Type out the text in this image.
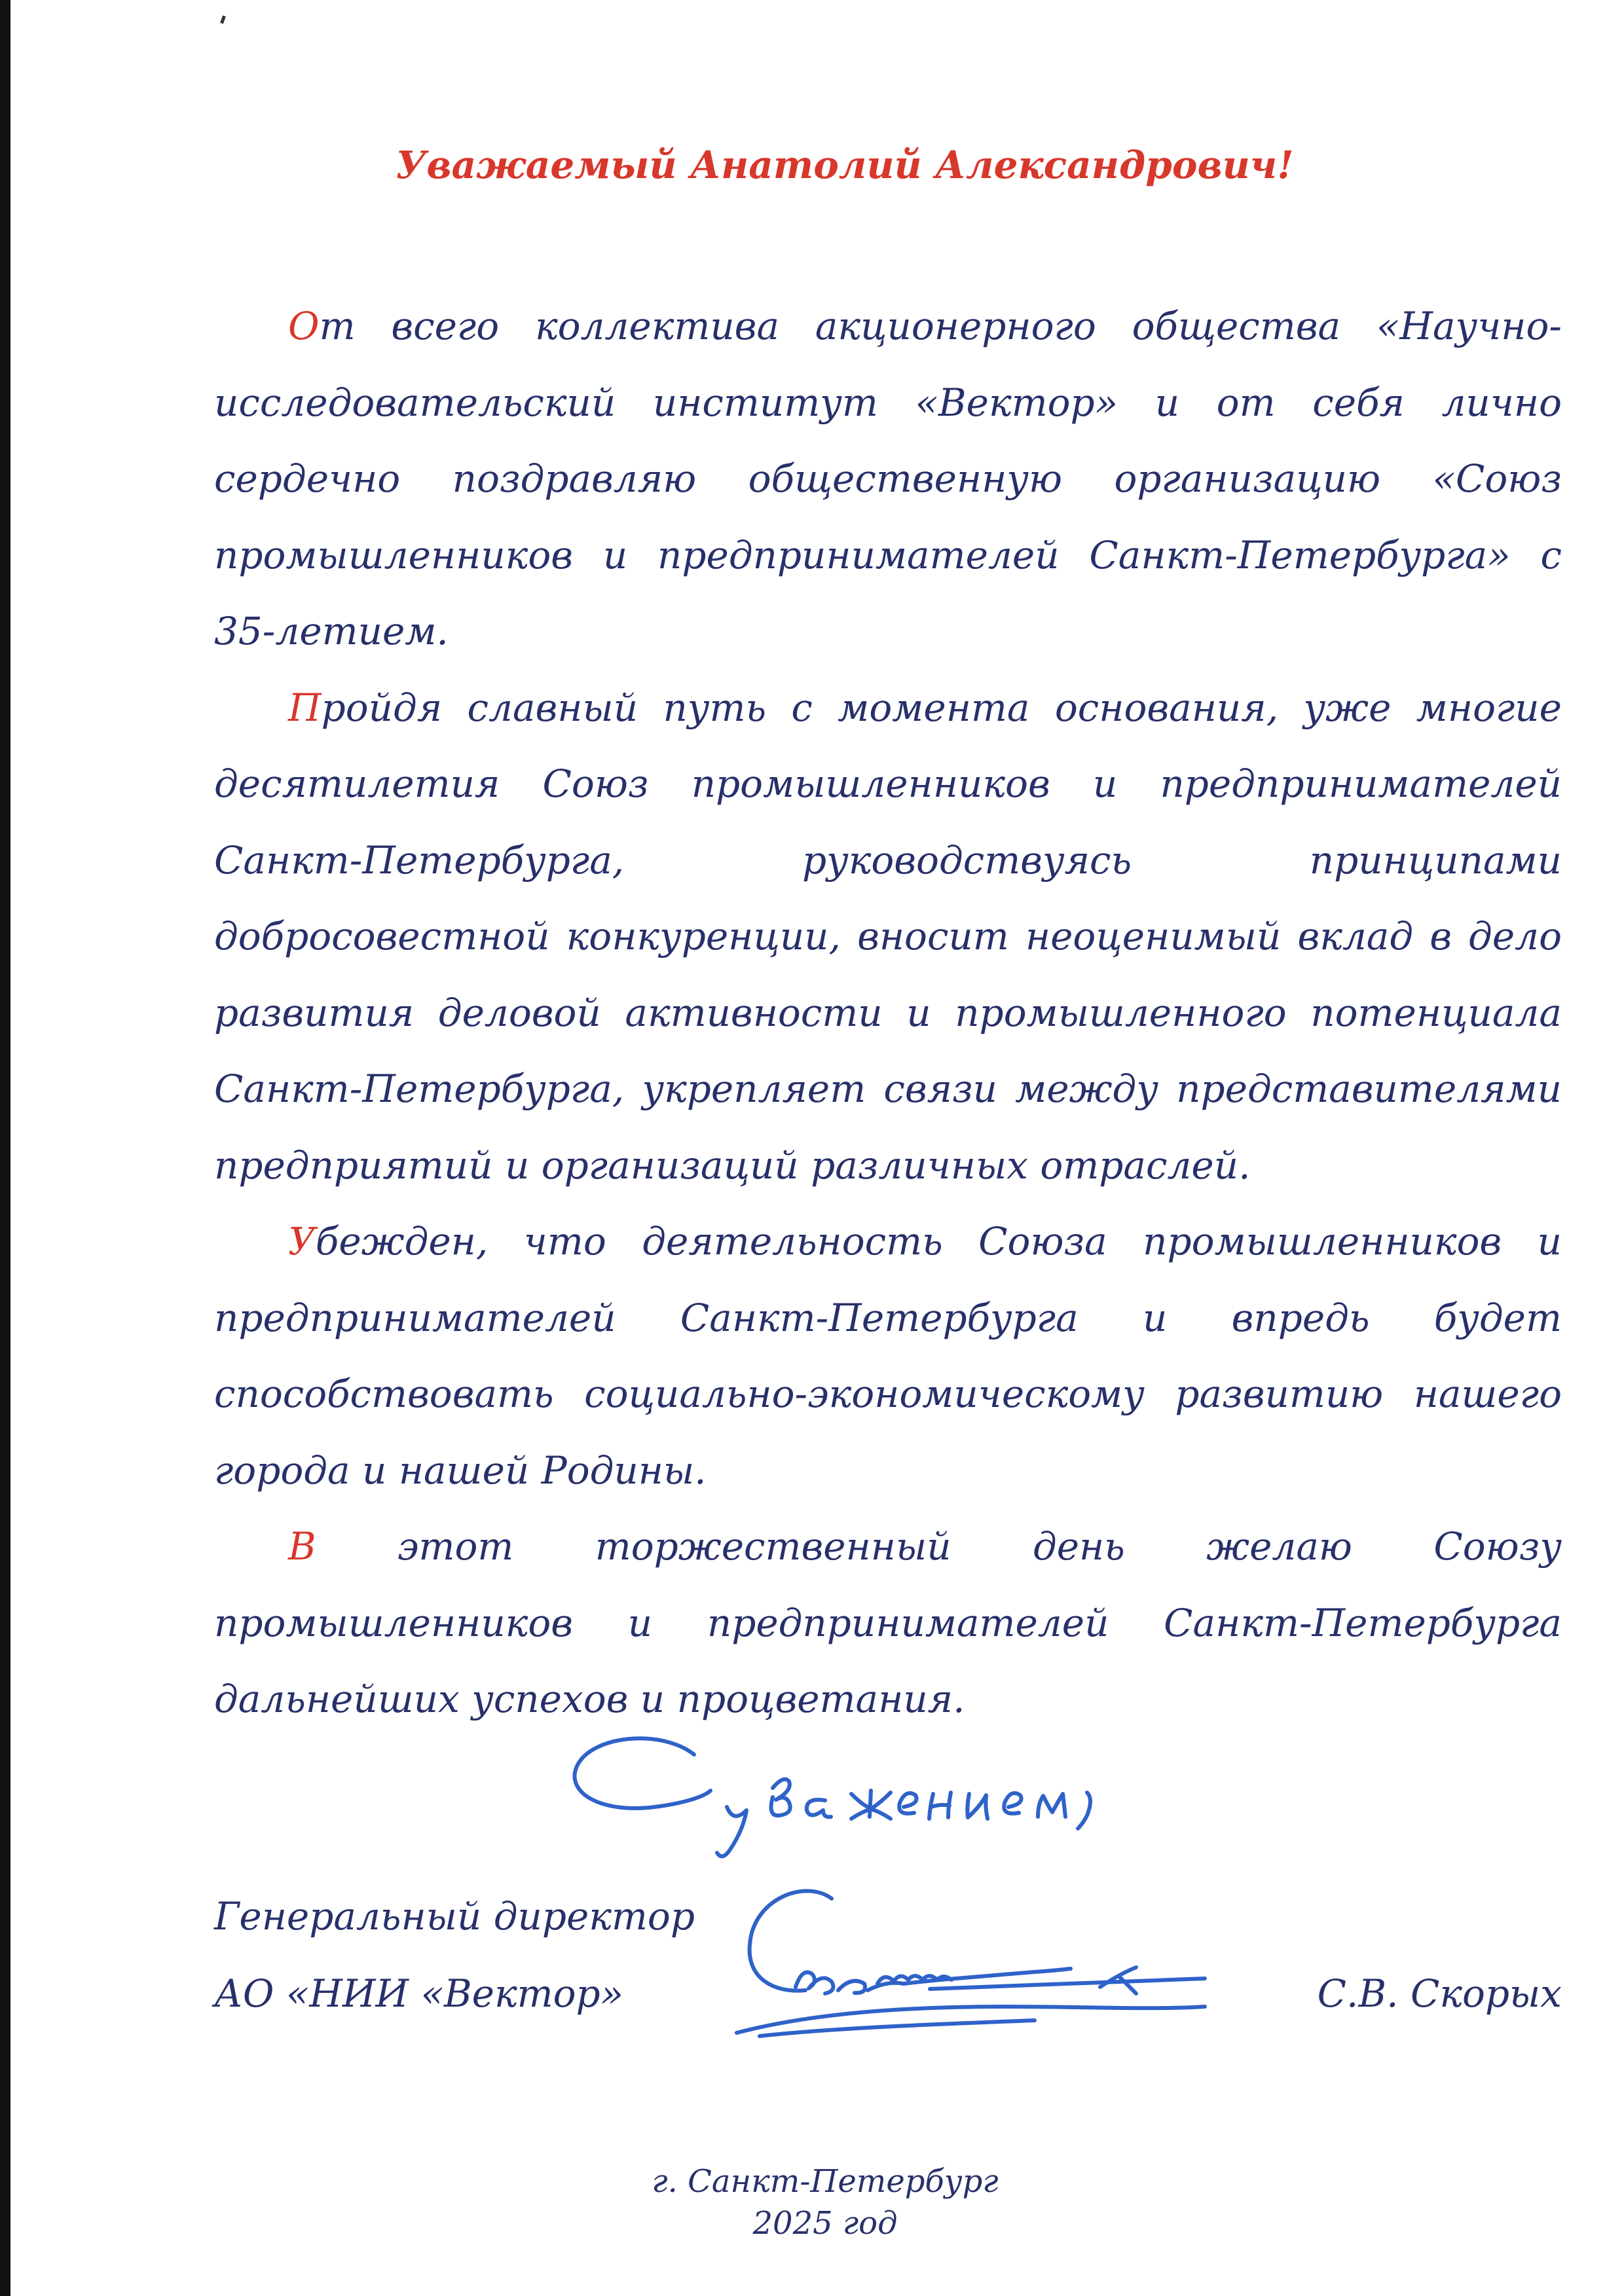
Уважаемый Анатолий Александрович!

От всего коллектива акционерного общества «Научно-исследовательский институт «Вектор» и от себя лично сердечно поздравляю общественную организацию «Союз промышленников и предпринимателей Санкт-Петербурга» с 35-летием.

Пройдя славный путь с момента основания, уже многие десятилетия Союз промышленников и предпринимателей Санкт-Петербурга, руководствуясь принципами добросовестной конкуренции, вносит неоценимый вклад в дело развития деловой активности и промышленного потенциала Санкт-Петербурга, укрепляет связи между представителями предприятий и организаций различных отраслей.

Убежден, что деятельность Союза промышленников и предпринимателей Санкт-Петербурга и впредь будет способствовать социально-экономическому развитию нашего города и нашей Родины.

В этот торжественный день желаю Союзу промышленников и предпринимателей Санкт-Петербурга дальнейших успехов и процветания.

Генеральный директор
АО «НИИ «Вектор»	С.В. Скорых
г. Санкт-Петербург
2025 год
